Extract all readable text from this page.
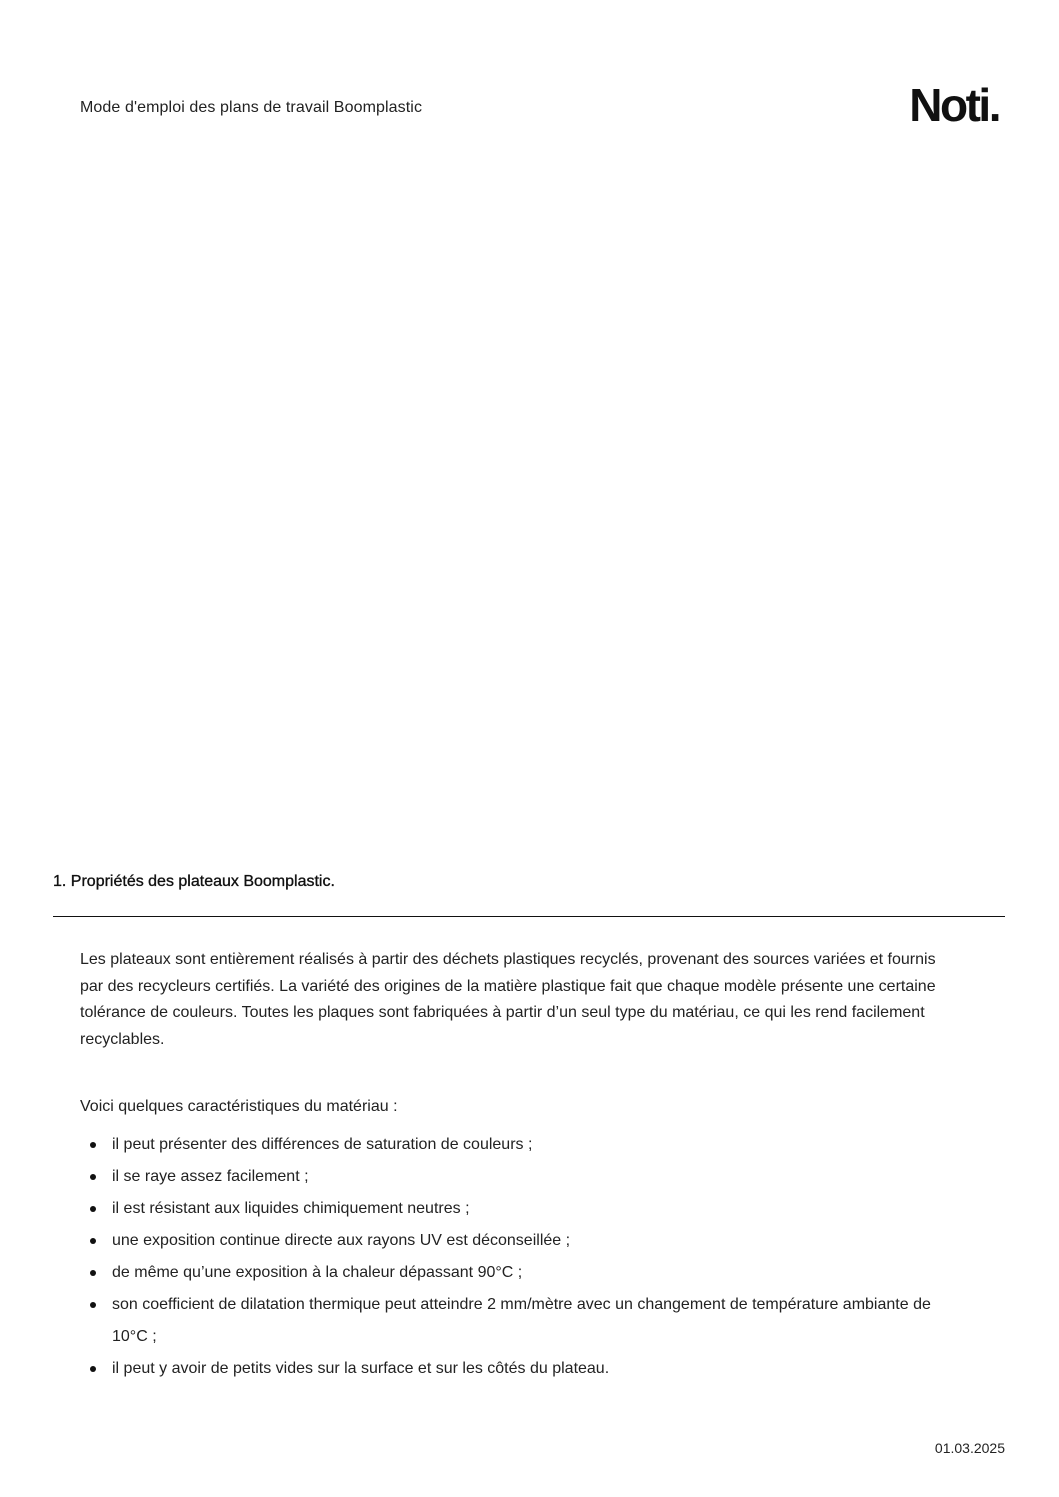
Mode d'emploi des plans de travail Boomplastic	Noti.
1. Propriétés des plateaux Boomplastic.

Les plateaux sont entièrement réalisés à partir des déchets plastiques recyclés, provenant des sources variées et fournis par des recycleurs certifiés. La variété des origines de la matière plastique fait que chaque modèle présente une certaine tolérance de couleurs. Toutes les plaques sont fabriquées à partir d’un seul type du matériau, ce qui les rend facilement recyclables.

Voici quelques caractéristiques du matériau :

il peut présenter des différences de saturation de couleurs ;
il se raye assez facilement ;
il est résistant aux liquides chimiquement neutres ;
une exposition continue directe aux rayons UV est déconseillée ;
de même qu’une exposition à la chaleur dépassant 90°C ;
son coefficient de dilatation thermique peut atteindre 2 mm/mètre avec un changement de température ambiante de 10°C ;
il peut y avoir de petits vides sur la surface et sur les côtés du plateau.
01.03.2025
